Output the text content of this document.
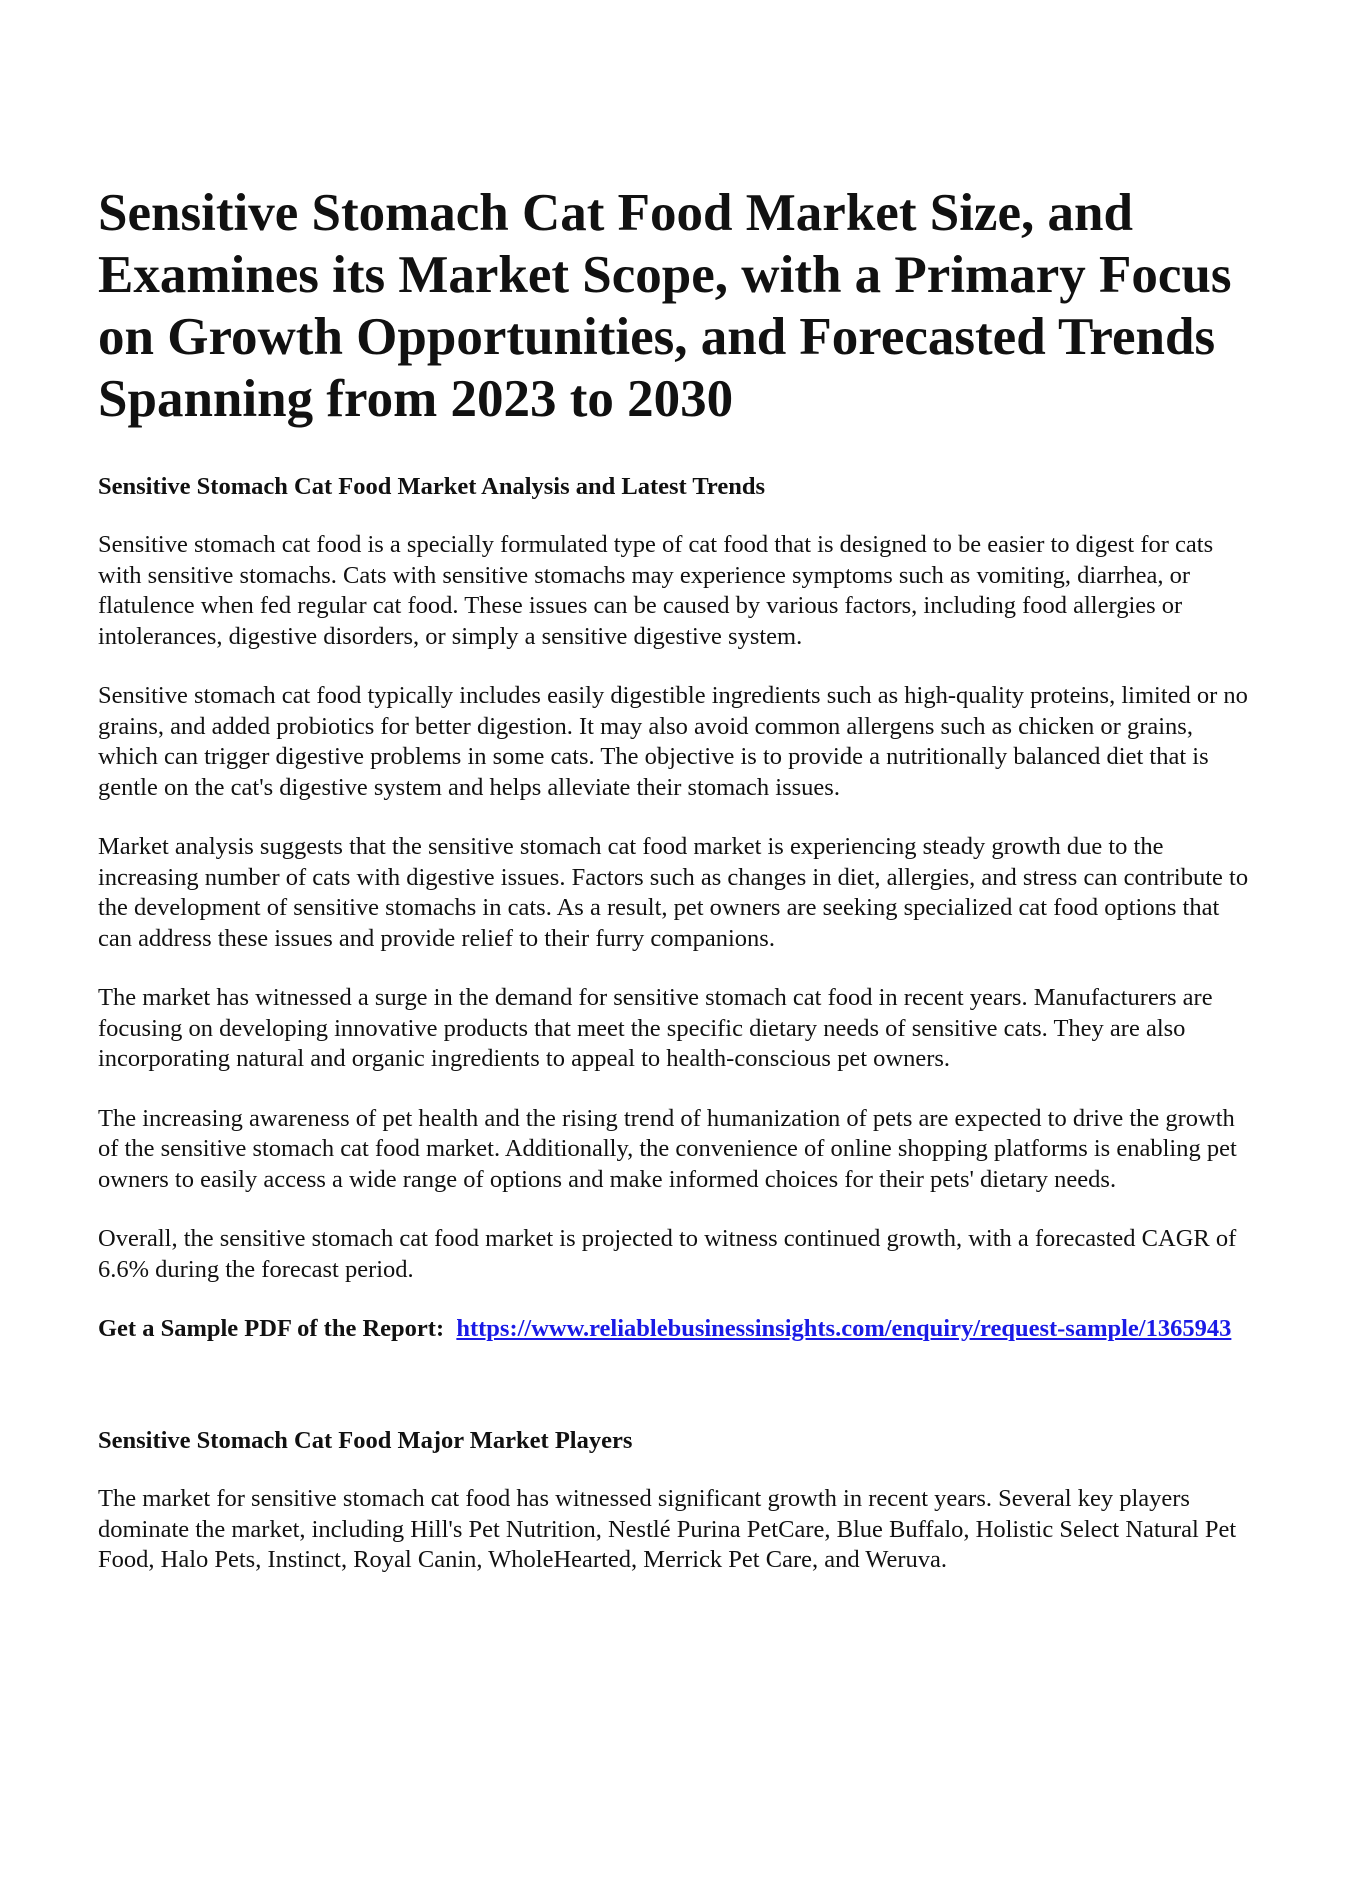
Sensitive Stomach Cat Food Market Size, and Examines its Market Scope, with a Primary Focus on Growth Opportunities, and Forecasted Trends Spanning from 2023 to 2030
Sensitive Stomach Cat Food Market Analysis and Latest Trends

Sensitive stomach cat food is a specially formulated type of cat food that is designed to be easier to digest for cats with sensitive stomachs. Cats with sensitive stomachs may experience symptoms such as vomiting, diarrhea, or flatulence when fed regular cat food. These issues can be caused by various factors, including food allergies or intolerances, digestive disorders, or simply a sensitive digestive system.

Sensitive stomach cat food typically includes easily digestible ingredients such as high-quality proteins, limited or no grains, and added probiotics for better digestion. It may also avoid common allergens such as chicken or grains, which can trigger digestive problems in some cats. The objective is to provide a nutritionally balanced diet that is gentle on the cat's digestive system and helps alleviate their stomach issues.

Market analysis suggests that the sensitive stomach cat food market is experiencing steady growth due to the increasing number of cats with digestive issues. Factors such as changes in diet, allergies, and stress can contribute to the development of sensitive stomachs in cats. As a result, pet owners are seeking specialized cat food options that can address these issues and provide relief to their furry companions.

The market has witnessed a surge in the demand for sensitive stomach cat food in recent years. Manufacturers are focusing on developing innovative products that meet the specific dietary needs of sensitive cats. They are also incorporating natural and organic ingredients to appeal to health-conscious pet owners.

The increasing awareness of pet health and the rising trend of humanization of pets are expected to drive the growth of the sensitive stomach cat food market. Additionally, the convenience of online shopping platforms is enabling pet owners to easily access a wide range of options and make informed choices for their pets' dietary needs.

Overall, the sensitive stomach cat food market is projected to witness continued growth, with a forecasted CAGR of 6.6% during the forecast period.

Get a Sample PDF of the Report: https://www.reliablebusinessinsights.com/enquiry/request-sample/1365943

Sensitive Stomach Cat Food Major Market Players

The market for sensitive stomach cat food has witnessed significant growth in recent years. Several key players dominate the market, including Hill's Pet Nutrition, Nestlé Purina PetCare, Blue Buffalo, Holistic Select Natural Pet Food, Halo Pets, Instinct, Royal Canin, WholeHearted, Merrick Pet Care, and Weruva.
